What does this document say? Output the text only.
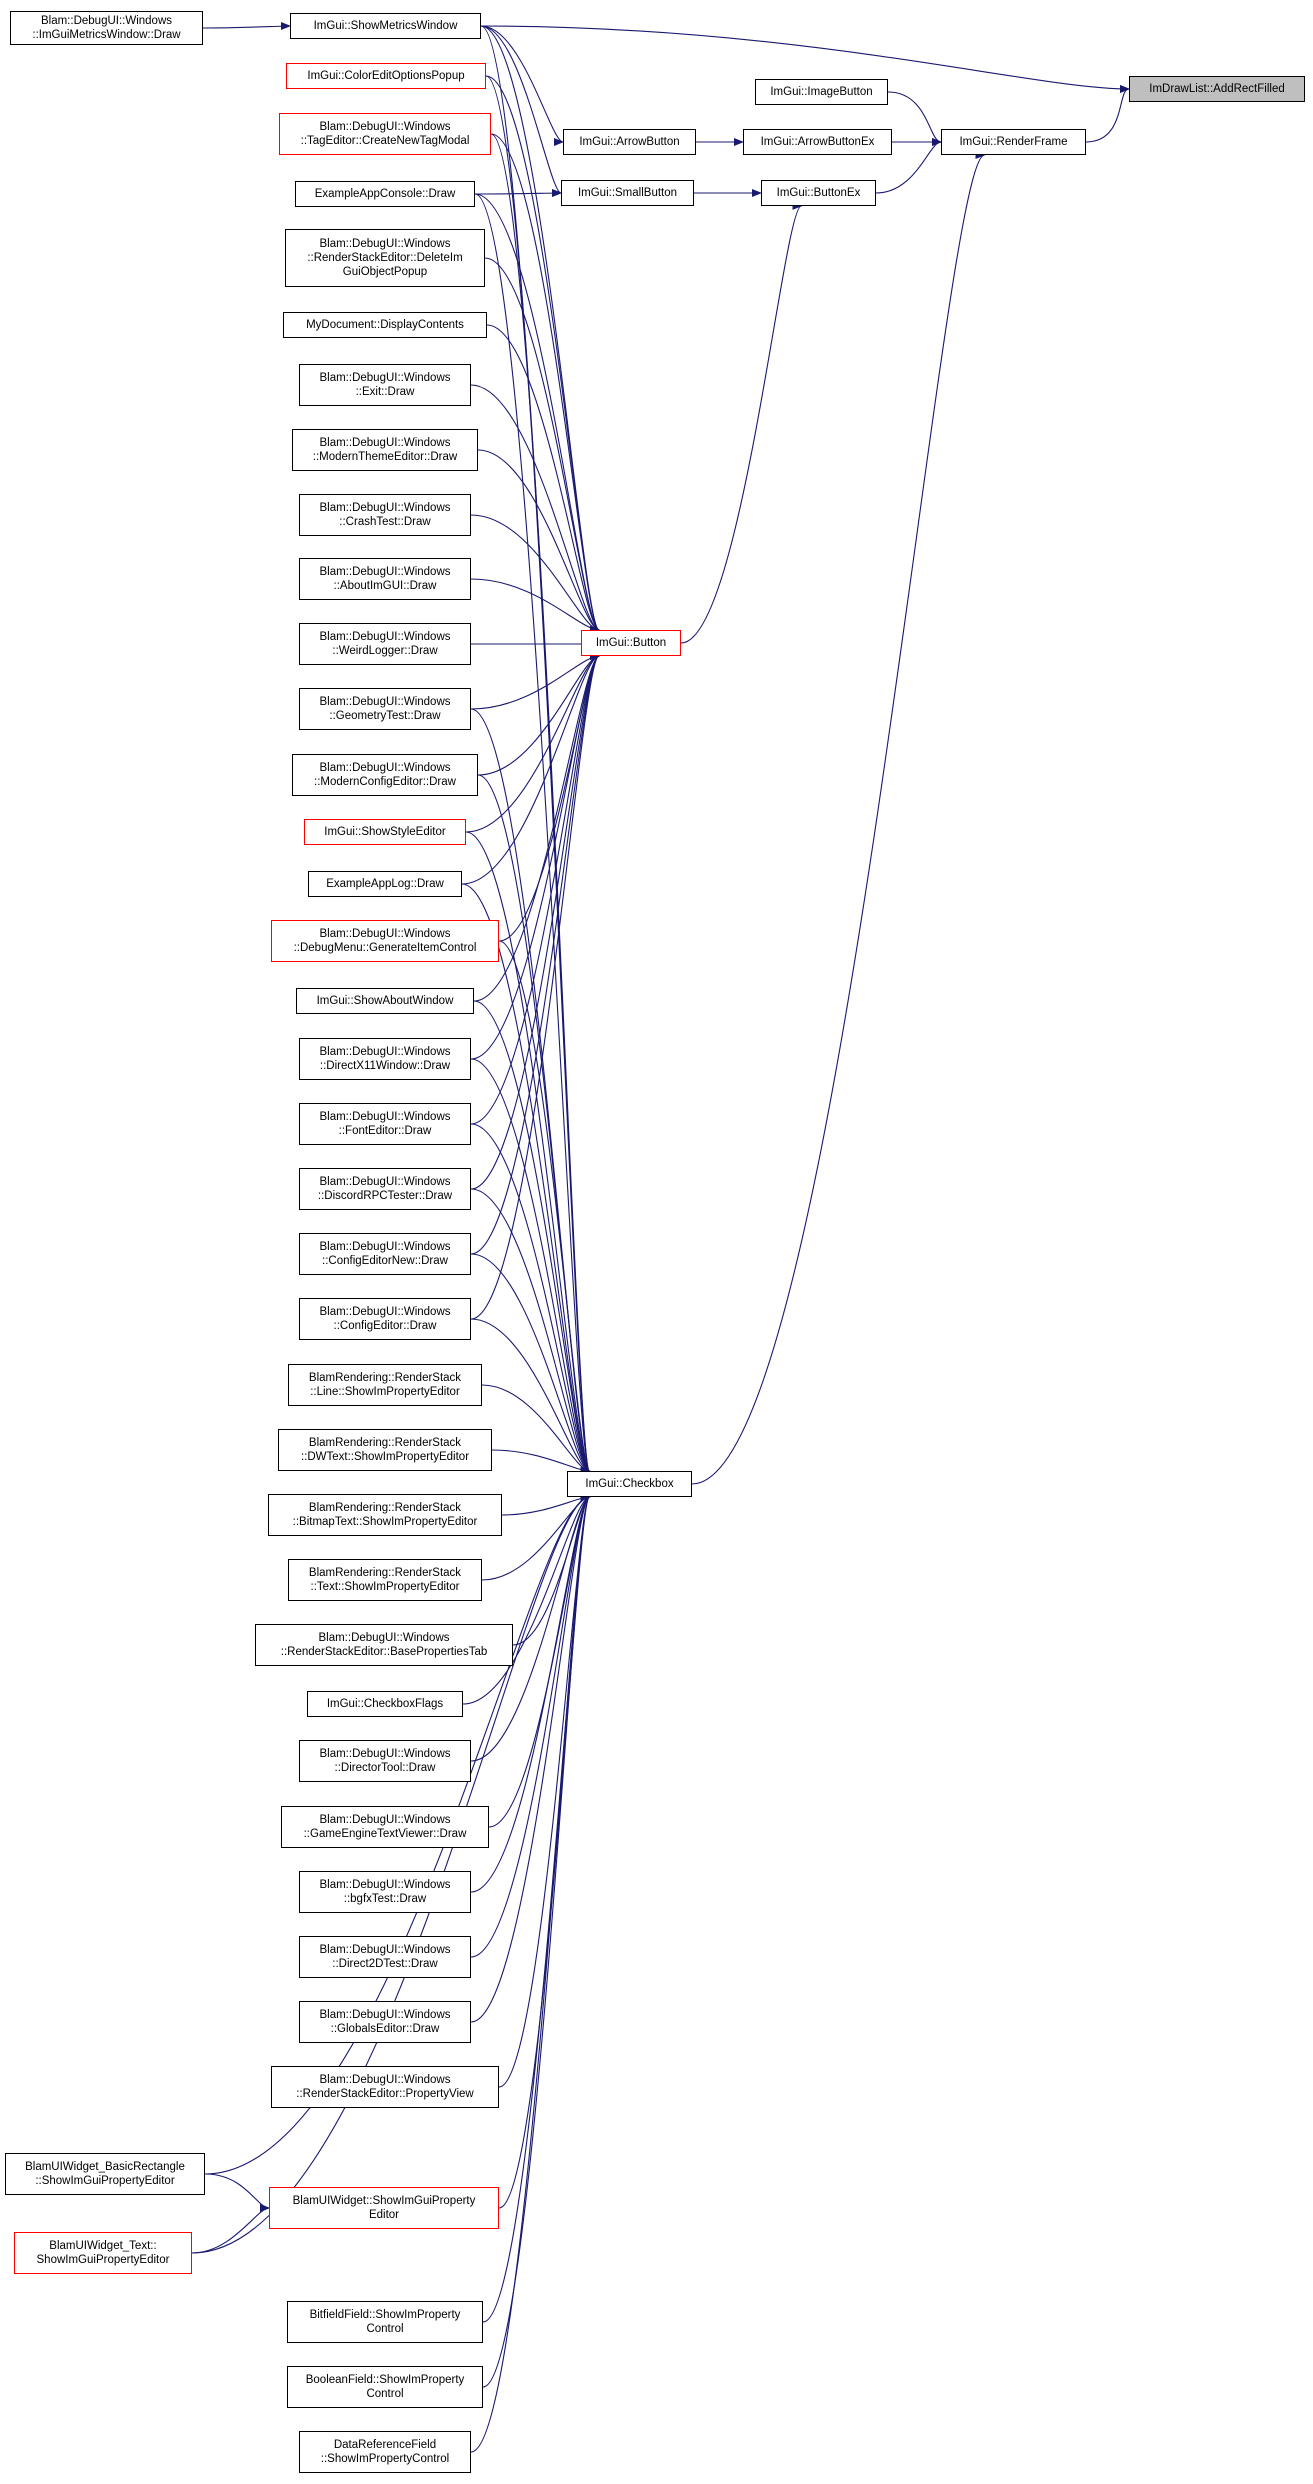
ImDrawList::AddRectFilled
ImGui::RenderFrame
ImGui::ImageButton
ImGui::ArrowButtonEx
ImGui::ArrowButton
ImGui::ButtonEx
ImGui::SmallButton
ImGui::ShowMetricsWindow
Blam::DebugUI::Windows
::ImGuiMetricsWindow::Draw
ImGui::Button
ImGui::Checkbox
ImGui::ColorEditOptionsPopup
Blam::DebugUI::Windows
::TagEditor::CreateNewTagModal
ExampleAppConsole::Draw
Blam::DebugUI::Windows
::RenderStackEditor::DeleteIm
GuiObjectPopup
MyDocument::DisplayContents
Blam::DebugUI::Windows
::Exit::Draw
Blam::DebugUI::Windows
::ModernThemeEditor::Draw
Blam::DebugUI::Windows
::CrashTest::Draw
Blam::DebugUI::Windows
::AboutImGUI::Draw
Blam::DebugUI::Windows
::WeirdLogger::Draw
Blam::DebugUI::Windows
::GeometryTest::Draw
Blam::DebugUI::Windows
::ModernConfigEditor::Draw
ImGui::ShowStyleEditor
ExampleAppLog::Draw
Blam::DebugUI::Windows
::DebugMenu::GenerateItemControl
ImGui::ShowAboutWindow
Blam::DebugUI::Windows
::DirectX11Window::Draw
Blam::DebugUI::Windows
::FontEditor::Draw
Blam::DebugUI::Windows
::DiscordRPCTester::Draw
Blam::DebugUI::Windows
::ConfigEditorNew::Draw
Blam::DebugUI::Windows
::ConfigEditor::Draw
BlamRendering::RenderStack
::Line::ShowImPropertyEditor
BlamRendering::RenderStack
::DWText::ShowImPropertyEditor
BlamRendering::RenderStack
::BitmapText::ShowImPropertyEditor
BlamRendering::RenderStack
::Text::ShowImPropertyEditor
Blam::DebugUI::Windows
::RenderStackEditor::BasePropertiesTab
ImGui::CheckboxFlags
Blam::DebugUI::Windows
::DirectorTool::Draw
Blam::DebugUI::Windows
::GameEngineTextViewer::Draw
Blam::DebugUI::Windows
::bgfxTest::Draw
Blam::DebugUI::Windows
::Direct2DTest::Draw
Blam::DebugUI::Windows
::GlobalsEditor::Draw
Blam::DebugUI::Windows
::RenderStackEditor::PropertyView
BlamUIWidget_BasicRectangle
::ShowImGuiPropertyEditor
BlamUIWidget::ShowImGuiProperty
Editor
BlamUIWidget_Text::
ShowImGuiPropertyEditor
BitfieldField::ShowImProperty
Control
BooleanField::ShowImProperty
Control
DataReferenceField
::ShowImPropertyControl
